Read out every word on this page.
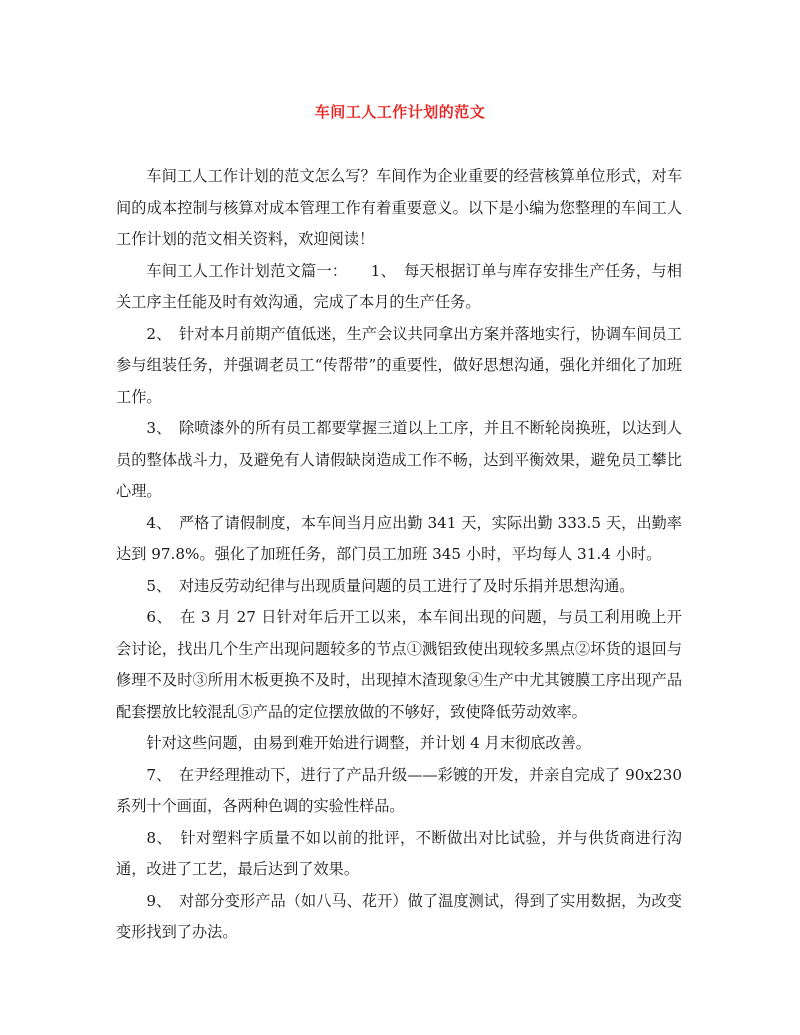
车间工人工作计划的范文

车间工人工作计划的范文怎么写？车间作为企业重要的经营核算单位形式，对车间的成本控制与核算对成本管理工作有着重要意义。以下是小编为您整理的车间工人工作计划的范文相关资料，欢迎阅读！

车间工人工作计划范文篇一：　　1、　每天根据订单与库存安排生产任务，与相关工序主任能及时有效沟通，完成了本月的生产任务。

2、　针对本月前期产值低迷，生产会议共同拿出方案并落地实行，协调车间员工参与组装任务，并强调老员工“传帮带”的重要性，做好思想沟通，强化并细化了加班工作。

3、　除喷漆外的所有员工都要掌握三道以上工序，并且不断轮岗换班，以达到人员的整体战斗力，及避免有人请假缺岗造成工作不畅，达到平衡效果，避免员工攀比心理。

4、　严格了请假制度，本车间当月应出勤 341 天，实际出勤 333.5 天，出勤率达到 97.8%。强化了加班任务，部门员工加班 345 小时，平均每人 31.4 小时。

5、　对违反劳动纪律与出现质量问题的员工进行了及时乐捐并思想沟通。

6、　在 3 月 27 日针对年后开工以来，本车间出现的问题，与员工利用晚上开会讨论，找出几个生产出现问题较多的节点①溅铝致使出现较多黑点②坏货的退回与修理不及时③所用木板更换不及时，出现掉木渣现象④生产中尤其镀膜工序出现产品配套摆放比较混乱⑤产品的定位摆放做的不够好，致使降低劳动效率。

针对这些问题，由易到难开始进行调整，并计划 4 月末彻底改善。

7、　在尹经理推动下，进行了产品升级——彩镀的开发，并亲自完成了 90x230 系列十个画面，各两种色调的实验性样品。

8、　针对塑料字质量不如以前的批评，不断做出对比试验，并与供货商进行沟通，改进了工艺，最后达到了效果。

9、　对部分变形产品（如八马、花开）做了温度测试，得到了实用数据，为改变变形找到了办法。
